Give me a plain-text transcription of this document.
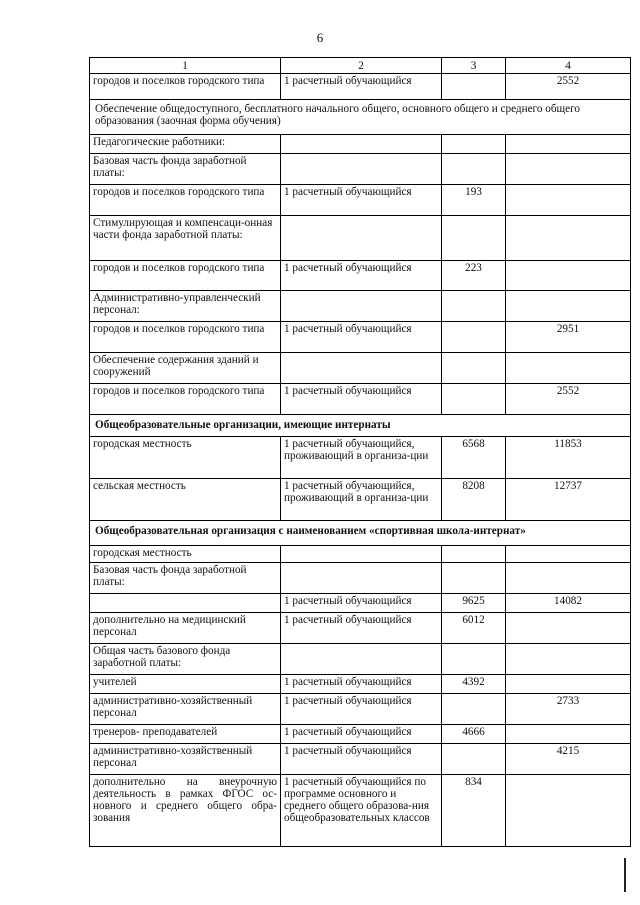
6
1	2	3	4
городов и поселков городского типа	1 расчетный обучающийся		2552
Обеспечение общедоступного, бесплатного начального общего, основного общего и среднего общего образования (заочная форма обучения)			
Педагогические работники:			
Базовая часть фонда заработной платы:			
городов и поселков городского типа	1 расчетный обучающийся	193	
Стимулирующая и компенсаци-онная части фонда заработной платы:			
городов и поселков городского типа	1 расчетный обучающийся	223	
Административно-управленческий персонал:			
городов и поселков городского типа	1 расчетный обучающийся		2951
Обеспечение содержания зданий и сооружений			
городов и поселков городского типа	1 расчетный обучающийся		2552
Общеобразовательные организации, имеющие интернаты			
городская местность	1 расчетный обучающийся, проживающий в организа-ции	6568	11853
сельская местность	1 расчетный обучающийся, проживающий в организа-ции	8208	12737
Общеобразовательная организация с наименованием «спортивная школа-интернат»			
городская местность			
Базовая часть фонда заработной платы:			
	1 расчетный обучающийся	9625	14082
дополнительно на медицинский персонал	1 расчетный обучающийся	6012	
Общая часть базового фонда заработной платы:			
учителей	1 расчетный обучающийся	4392	
административно-хозяйственный персонал	1 расчетный обучающийся		2733
тренеров- преподавателей	1 расчетный обучающийся	4666	
административно-хозяйственный персонал	1 расчетный обучающийся		4215
дополнительно на внеурочную деятельность в рамках ФГОС ос-новного и среднего общего обра-зования	1 расчетный обучающийся по программе основного и среднего общего образова-ния общеобразовательных классов	834	
